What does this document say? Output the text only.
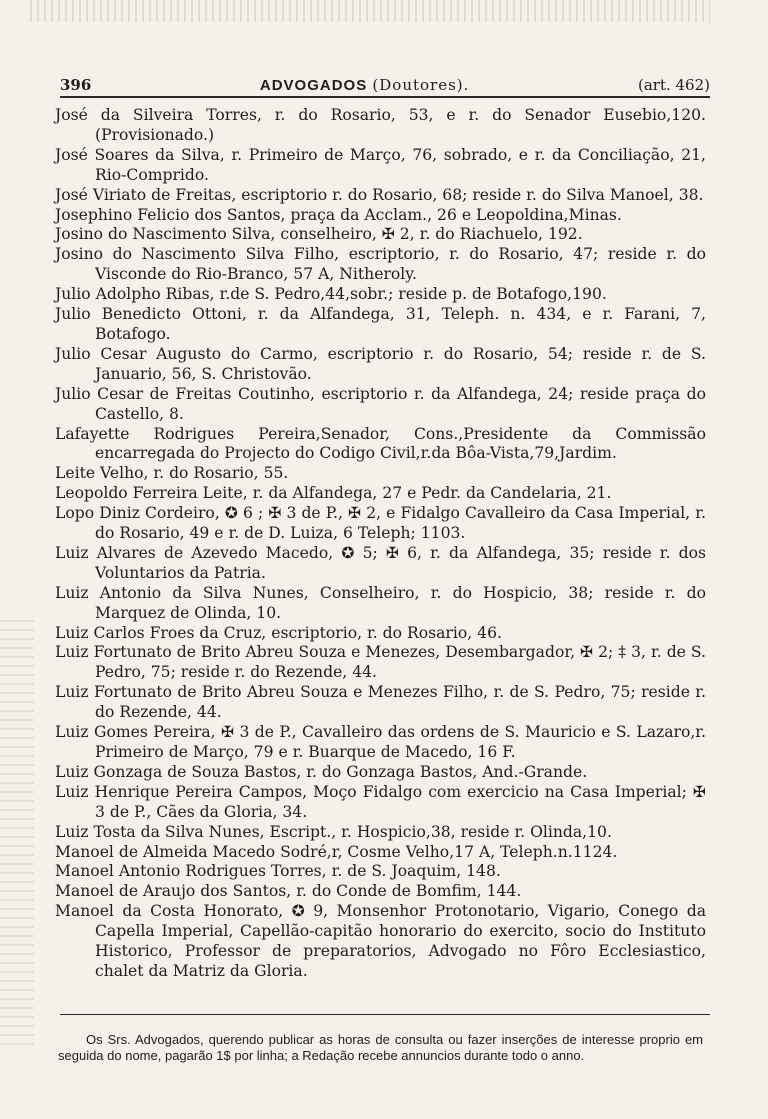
396	ADVOGADOS (Doutores).	(art. 462)

José da Silveira Torres, r. do Rosario, 53, e r. do Senador Eusebio,120. (Provisionado.)

José Soares da Silva, r. Primeiro de Março, 76, sobrado, e r. da Conciliação, 21, Rio-Comprido.

José Viriato de Freitas, escriptorio r. do Rosario, 68; reside r. do Silva Manoel, 38.

Josephino Felicio dos Santos, praça da Acclam., 26 e Leopoldina,Minas.

Josino do Nascimento Silva, conselheiro, ✠ 2, r. do Riachuelo, 192.

Josino do Nascimento Silva Filho, escriptorio, r. do Rosario, 47; reside r. do Visconde do Rio-Branco, 57 A, Nitheroly.

Julio Adolpho Ribas, r.de S. Pedro,44,sobr.; reside p. de Botafogo,190.

Julio Benedicto Ottoni, r. da Alfandega, 31, Teleph. n. 434, e r. Farani, 7, Botafogo.

Julio Cesar Augusto do Carmo, escriptorio r. do Rosario, 54; reside r. de S. Januario, 56, S. Christovão.

Julio Cesar de Freitas Coutinho, escriptorio r. da Alfandega, 24; reside praça do Castello, 8.

Lafayette Rodrigues Pereira,Senador, Cons.,Presidente da Commissão encarregada do Projecto do Codigo Civil,r.da Bôa-Vista,79,Jardim.

Leite Velho, r. do Rosario, 55.

Leopoldo Ferreira Leite, r. da Alfandega, 27 e Pedr. da Candelaria, 21.

Lopo Diniz Cordeiro, ✪ 6 ; ✠ 3 de P., ✠ 2, e Fidalgo Cavalleiro da Casa Imperial, r. do Rosario, 49 e r. de D. Luiza, 6 Teleph; 1103.

Luiz Alvares de Azevedo Macedo, ✪ 5; ✠ 6, r. da Alfandega, 35; reside r. dos Voluntarios da Patria.

Luiz Antonio da Silva Nunes, Conselheiro, r. do Hospicio, 38; reside r. do Marquez de Olinda, 10.

Luiz Carlos Froes da Cruz, escriptorio, r. do Rosario, 46.

Luiz Fortunato de Brito Abreu Souza e Menezes, Desembargador, ✠ 2; ‡ 3, r. de S. Pedro, 75; reside r. do Rezende, 44.

Luiz Fortunato de Brito Abreu Souza e Menezes Filho, r. de S. Pedro, 75; reside r. do Rezende, 44.

Luiz Gomes Pereira, ✠ 3 de P., Cavalleiro das ordens de S. Mauricio e S. Lazaro,r. Primeiro de Março, 79 e r. Buarque de Macedo, 16 F.

Luiz Gonzaga de Souza Bastos, r. do Gonzaga Bastos, And.-Grande.

Luiz Henrique Pereira Campos, Moço Fidalgo com exercicio na Casa Imperial; ✠ 3 de P., Cães da Gloria, 34.

Luiz Tosta da Silva Nunes, Escript., r. Hospicio,38, reside r. Olinda,10.

Manoel de Almeida Macedo Sodré,r, Cosme Velho,17 A, Teleph.n.1124.

Manoel Antonio Rodrigues Torres, r. de S. Joaquim, 148.

Manoel de Araujo dos Santos, r. do Conde de Bomfim, 144.

Manoel da Costa Honorato, ✪ 9, Monsenhor Protonotario, Vigario, Conego da Capella Imperial, Capellão-capitão honorario do exercito, socio do Instituto Historico, Professor de preparatorios, Advogado no Fôro Ecclesiastico, chalet da Matriz da Gloria.

Os Srs. Advogados, querendo publicar as horas de consulta ou fazer inserções de interesse proprio em seguida do nome, pagarão 1$ por linha; a Redação recebe annuncios durante todo o anno.
